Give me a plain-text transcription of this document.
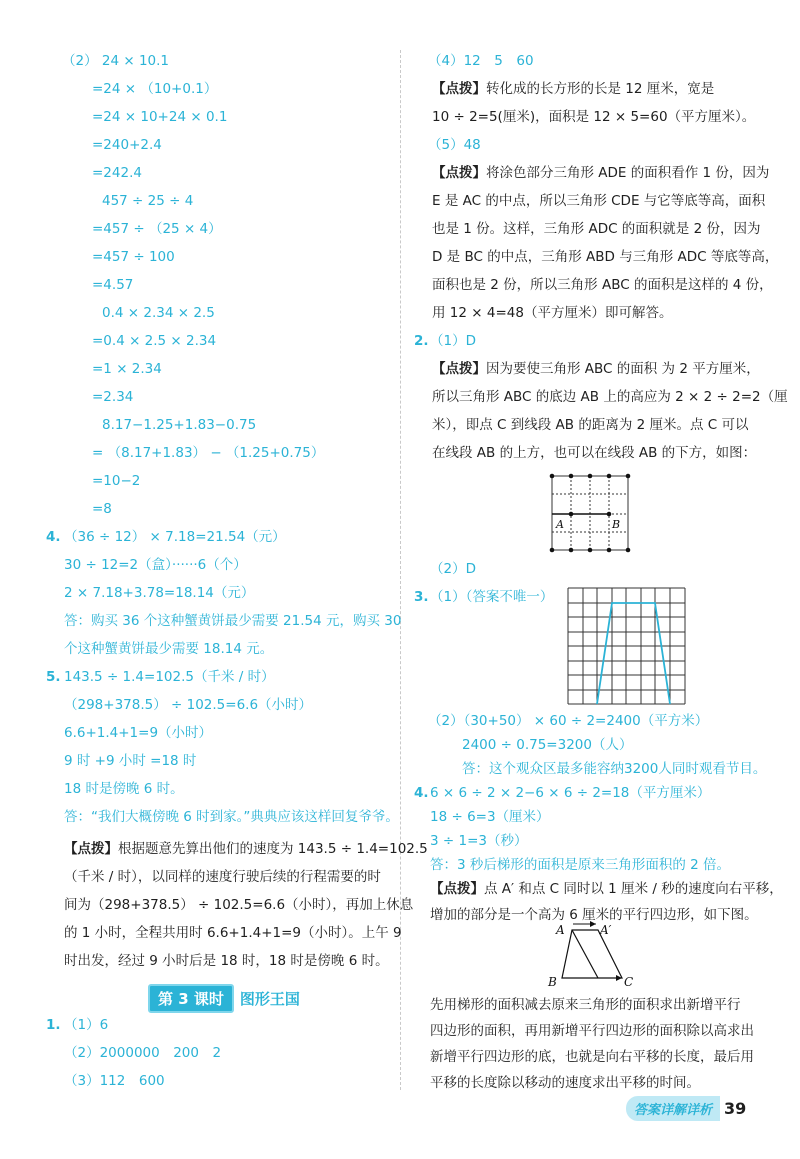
（2） 24 × 10.1
=24 × （10+0.1）
=24 × 10+24 × 0.1
=240+2.4
=242.4
457 ÷ 25 ÷ 4
=457 ÷ （25 × 4）
=457 ÷ 100
=4.57
0.4 × 2.34 × 2.5
=0.4 × 2.5 × 2.34
=1 × 2.34
=2.34
8.17−1.25+1.83−0.75
= （8.17+1.83） − （1.25+0.75）
=10−2
=8
4. （36 ÷ 12） × 7.18=21.54（元）
30 ÷ 12=2（盒）······6（个）
2 × 7.18+3.78=18.14（元）
答：购买 36 个这种蟹黄饼最少需要 21.54 元，购买 30
个这种蟹黄饼最少需要 18.14 元。
5. 143.5 ÷ 1.4=102.5（千米 / 时）
（298+378.5） ÷ 102.5=6.6（小时）
6.6+1.4+1=9（小时）
9 时 +9 小时 =18 时
18 时是傍晚 6 时。
答：“我们大概傍晚 6 时到家。”典典应该这样回复爷爷。
【点拨】根据题意先算出他们的速度为 143.5 ÷ 1.4=102.5
（千米 / 时），以同样的速度行驶后续的行程需要的时
间为（298+378.5） ÷ 102.5=6.6（小时），再加上休息
的 1 小时，全程共用时 6.6+1.4+1=9（小时）。上午 9
时出发，经过 9 小时后是 18 时，18 时是傍晚 6 时。
第 3 课时	图形王国
1. （1）6
（2）2000000　200　2
（3）112　600
（4）12　5　60
【点拨】转化成的长方形的长是 12 厘米，宽是
10 ÷ 2=5(厘米)，面积是 12 × 5=60（平方厘米）。
（5）48
【点拨】将涂色部分三角形 ADE 的面积看作 1 份，因为
E 是 AC 的中点，所以三角形 CDE 与它等底等高，面积
也是 1 份。这样，三角形 ADC 的面积就是 2 份，因为
D 是 BC 的中点，三角形 ABD 与三角形 ADC 等底等高，
面积也是 2 份，所以三角形 ABC 的面积是这样的 4 份，
用 12 × 4=48（平方厘米）即可解答。
2. （1）D
【点拨】因为要使三角形 ABC 的面积 为 2 平方厘米，
所以三角形 ABC 的底边 AB 上的高应为 2 × 2 ÷ 2=2（厘
米），即点 C 到线段 AB 的距离为 2 厘米。点 C 可以
在线段 AB 的上方，也可以在线段 AB 的下方，如图：
A	B
（2）D
3. （1）（答案不唯一）
（2）（30+50） × 60 ÷ 2=2400（平方米）
2400 ÷ 0.75=3200（人）
答：这个观众区最多能容纳3200人同时观看节目。
4. 6 × 6 ÷ 2 × 2−6 × 6 ÷ 2=18（平方厘米）
18 ÷ 6=3（厘米）
3 ÷ 1=3（秒）
答：3 秒后梯形的面积是原来三角形面积的 2 倍。
【点拨】点 A′ 和点 C 同时以 1 厘米 / 秒的速度向右平移，
增加的部分是一个高为 6 厘米的平行四边形，如下图。
A	A′
B	C
先用梯形的面积减去原来三角形的面积求出新增平行
四边形的面积，再用新增平行四边形的面积除以高求出
新增平行四边形的底，也就是向右平移的长度，最后用
平移的长度除以移动的速度求出平移的时间。
答案详解详析 39
